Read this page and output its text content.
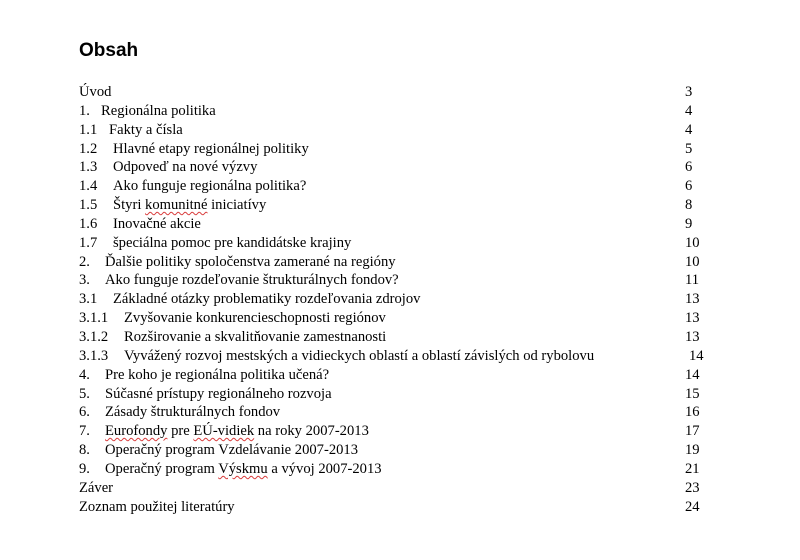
Obsah
Úvod	3
1. Regionálna politika	4
1.1 Fakty a čísla	4
1.2 Hlavné etapy regionálnej politiky	5
1.3 Odpoveď na nové výzvy	6
1.4 Ako funguje regionálna politika?	6
1.5 Štyri komunitné iniciatívy	8
1.6 Inovačné akcie	9
1.7 špeciálna pomoc pre kandidátske krajiny	10
2. Ďalšie politiky spoločenstva zamerané na regióny	10
3. Ako funguje rozdeľovanie štrukturálnych fondov?	11
3.1 Základné otázky problematiky rozdeľovania zdrojov	13
3.1.1 Zvyšovanie konkurencieschopnosti regiónov	13
3.1.2 Rozširovanie a skvalitňovanie zamestnanosti	13
3.1.3 Vyvážený rozvoj mestských a vidieckych oblastí a oblastí závislých od rybolovu	14
4. Pre koho je regionálna politika učená?	14
5. Súčasné prístupy regionálneho rozvoja	15
6. Zásady štrukturálnych fondov	16
7. Eurofondy pre EÚ-vidiek na roky 2007-2013	17
8. Operačný program Vzdelávanie 2007-2013	19
9. Operačný program Výskmu a vývoj 2007-2013	21
Záver	23
Zoznam použitej literatúry	24
